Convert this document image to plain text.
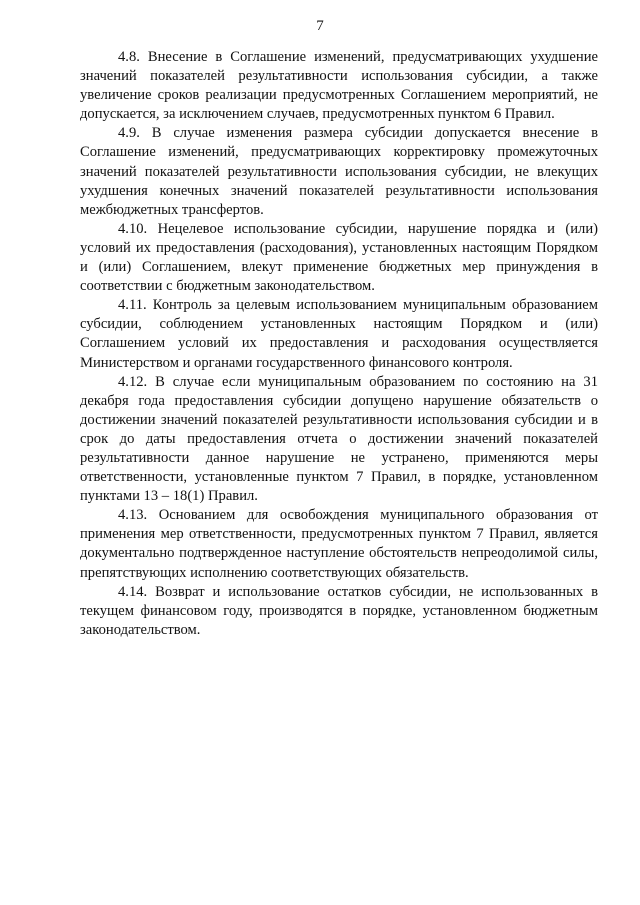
7

4.8. Внесение в Соглашение изменений, предусматривающих ухудшение значений показателей результативности использования субсидии, а также увеличение сроков реализации предусмотренных Соглашением мероприятий, не допускается, за исключением случаев, предусмотренных пунктом 6 Правил.

4.9. В случае изменения размера субсидии допускается внесение в Соглашение изменений, предусматривающих корректировку промежуточных значений показателей результативности использования субсидии, не влекущих ухудшения конечных значений показателей результативности использования межбюджетных трансфертов.

4.10. Нецелевое использование субсидии, нарушение порядка и (или) условий их предоставления (расходования), установленных настоящим Порядком и (или) Соглашением, влекут применение бюджетных мер принуждения в соответствии с бюджетным законодательством.

4.11. Контроль за целевым использованием муниципальным образованием субсидии, соблюдением установленных настоящим Порядком и (или) Соглашением условий их предоставления и расходования осуществляется Министерством и органами государственного финансового контроля.

4.12. В случае если муниципальным образованием по состоянию на 31 декабря года предоставления субсидии допущено нарушение обязательств о достижении значений показателей результативности использования субсидии и в срок до даты предоставления отчета о достижении значений показателей результативности данное нарушение не устранено, применяются меры ответственности, установленные пунктом 7 Правил, в порядке, установленном пунктами 13 – 18(1) Правил.

4.13. Основанием для освобождения муниципального образования от применения мер ответственности, предусмотренных пунктом 7 Правил, является документально подтвержденное наступление обстоятельств непреодолимой силы, препятствующих исполнению соответствующих обязательств.

4.14. Возврат и использование остатков субсидии, не использованных в текущем финансовом году, производятся в порядке, установленном бюджетным законодательством.
